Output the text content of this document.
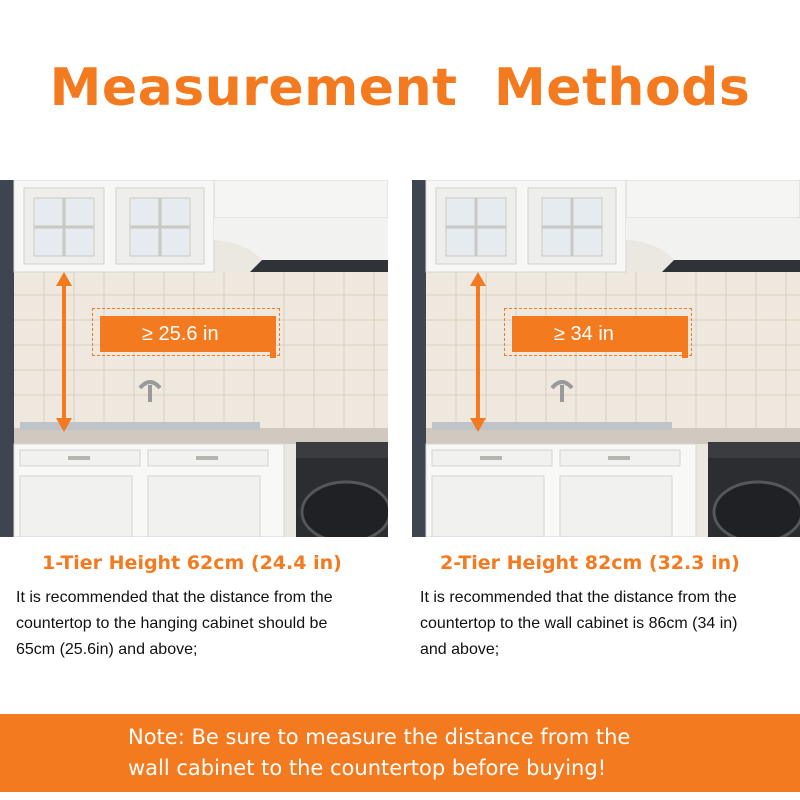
Measurement Methods
≥ 25.6 in	≥ 34 in
1-Tier Height 62cm (24.4 in)
It is recommended that the distance from the
countertop to the hanging cabinet should be
65cm (25.6in) and above;
2-Tier Height 82cm (32.3 in)
It is recommended that the distance from the
countertop to the wall cabinet is 86cm (34 in)
and above;
Note: Be sure to measure the distance from the
wall cabinet to the countertop before buying!
